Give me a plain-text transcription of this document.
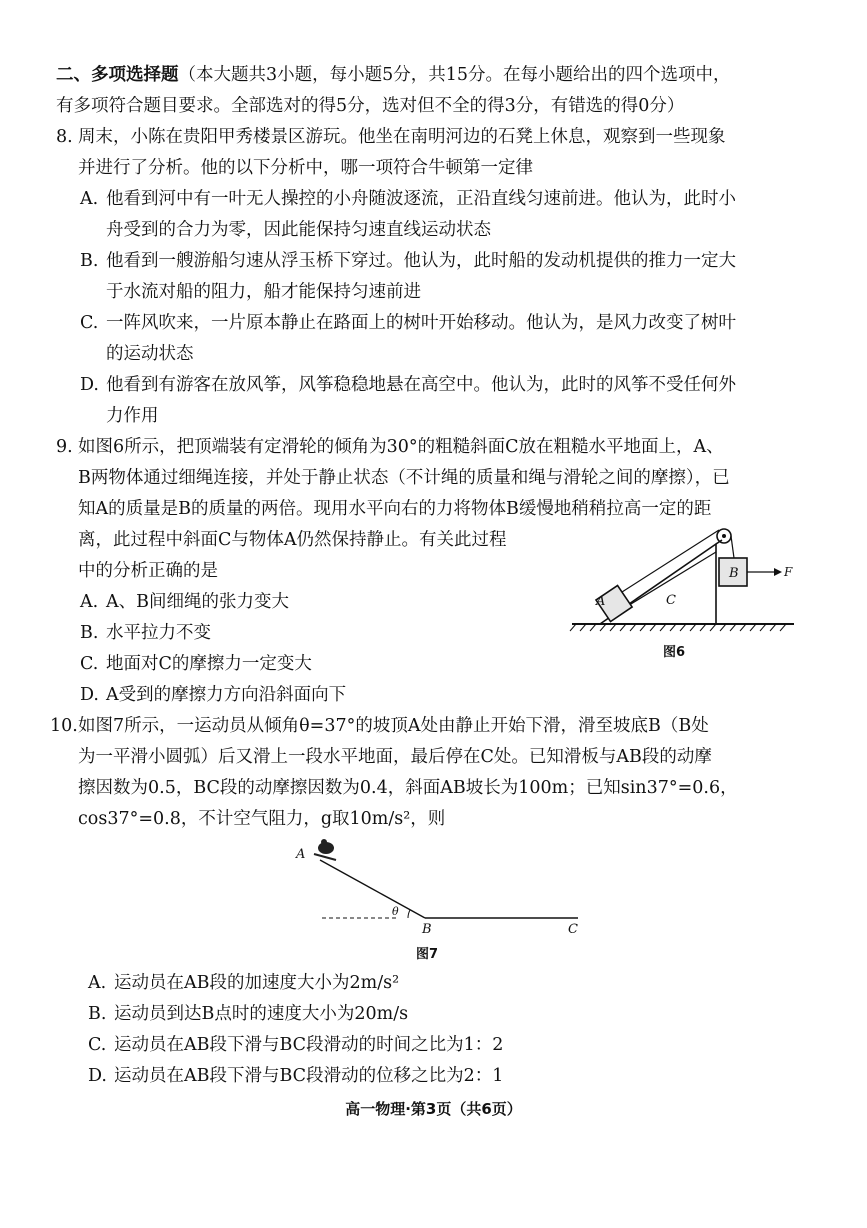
二、多项选择题（本大题共3小题，每小题5分，共15分。在每小题给出的四个选项中，
有多项符合题目要求。全部选对的得5分，选对但不全的得3分，有错选的得0分）
8. 周末，小陈在贵阳甲秀楼景区游玩。他坐在南明河边的石凳上休息，观察到一些现象
并进行了分析。他的以下分析中，哪一项符合牛顿第一定律
A. 他看到河中有一叶无人操控的小舟随波逐流，正沿直线匀速前进。他认为，此时小
舟受到的合力为零，因此能保持匀速直线运动状态
B. 他看到一艘游船匀速从浮玉桥下穿过。他认为，此时船的发动机提供的推力一定大
于水流对船的阻力，船才能保持匀速前进
C. 一阵风吹来，一片原本静止在路面上的树叶开始移动。他认为，是风力改变了树叶
的运动状态
D. 他看到有游客在放风筝，风筝稳稳地悬在高空中。他认为，此时的风筝不受任何外
力作用
9. 如图6所示，把顶端装有定滑轮的倾角为30°的粗糙斜面C放在粗糙水平地面上，A、
B两物体通过细绳连接，并处于静止状态（不计绳的质量和绳与滑轮之间的摩擦），已
知A的质量是B的质量的两倍。现用水平向右的力将物体B缓慢地稍稍拉高一定的距
离，此过程中斜面C与物体A仍然保持静止。有关此过程
中的分析正确的是
A. A、B间细绳的张力变大
B. 水平拉力不变
C. 地面对C的摩擦力一定变大
D. A受到的摩擦力方向沿斜面向下
A
B	F
C
图6
10.如图7所示，一运动员从倾角θ=37°的坡顶A处由静止开始下滑，滑至坡底B（B处
为一平滑小圆弧）后又滑上一段水平地面，最后停在C处。已知滑板与AB段的动摩
擦因数为0.5，BC段的动摩擦因数为0.4，斜面AB坡长为100m；已知sin37°=0.6，
cos37°=0.8，不计空气阻力，g取10m/s²，则
A
θ
B	C
图7
A. 运动员在AB段的加速度大小为2m/s²
B. 运动员到达B点时的速度大小为20m/s
C. 运动员在AB段下滑与BC段滑动的时间之比为1：2
D. 运动员在AB段下滑与BC段滑动的位移之比为2：1
高一物理·第3页（共6页）
